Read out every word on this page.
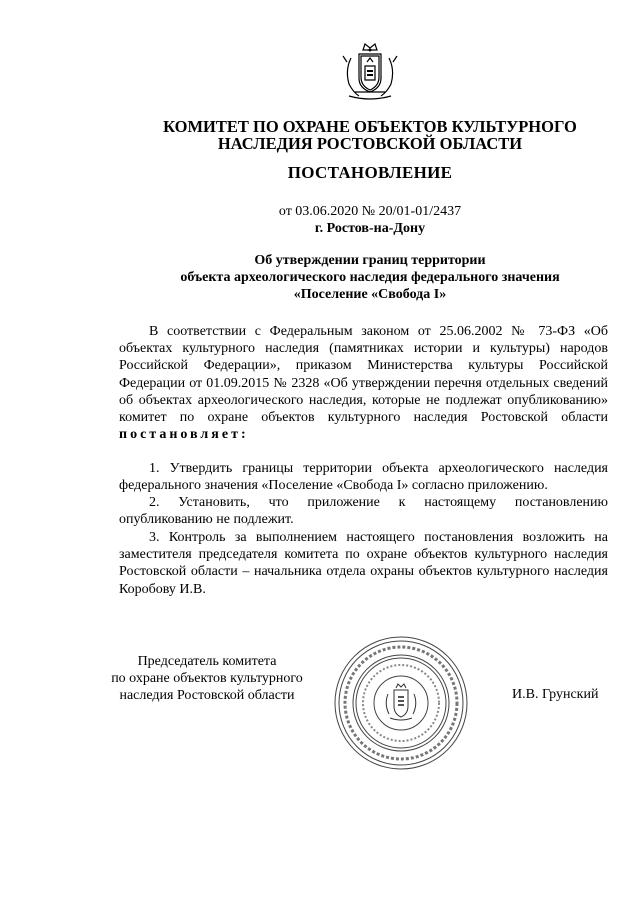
КОМИТЕТ ПО ОХРАНЕ ОБЪЕКТОВ КУЛЬТУРНОГО
НАСЛЕДИЯ РОСТОВСКОЙ ОБЛАСТИ
ПОСТАНОВЛЕНИЕ
от 03.06.2020 № 20/01-01/2437
г. Ростов-на-Дону
Об утверждении границ территории
объекта археологического наследия федерального значения
«Поселение «Свобода I»
В соответствии с Федеральным законом от 25.06.2002 № 73-ФЗ «Об объектах культурного наследия (памятниках истории и культуры) народов Российской Федерации», приказом Министерства культуры Российской Федерации от 01.09.2015 № 2328 «Об утверждении перечня отдельных сведений об объектах археологического наследия, которые не подлежат опубликованию» комитет по охране объектов культурного наследия Ростовской области постановляет:
1. Утвердить границы территории объекта археологического наследия федерального значения «Поселение «Свобода I» согласно приложению.
2. Установить, что приложение к настоящему постановлению опубликованию не подлежит.
3. Контроль за выполнением настоящего постановления возложить на заместителя председателя комитета по охране объектов культурного наследия Ростовской области – начальника отдела охраны объектов культурного наследия Коробову И.В.
Председатель комитета
по охране объектов культурного
наследия Ростовской области	И.В. Грунский
